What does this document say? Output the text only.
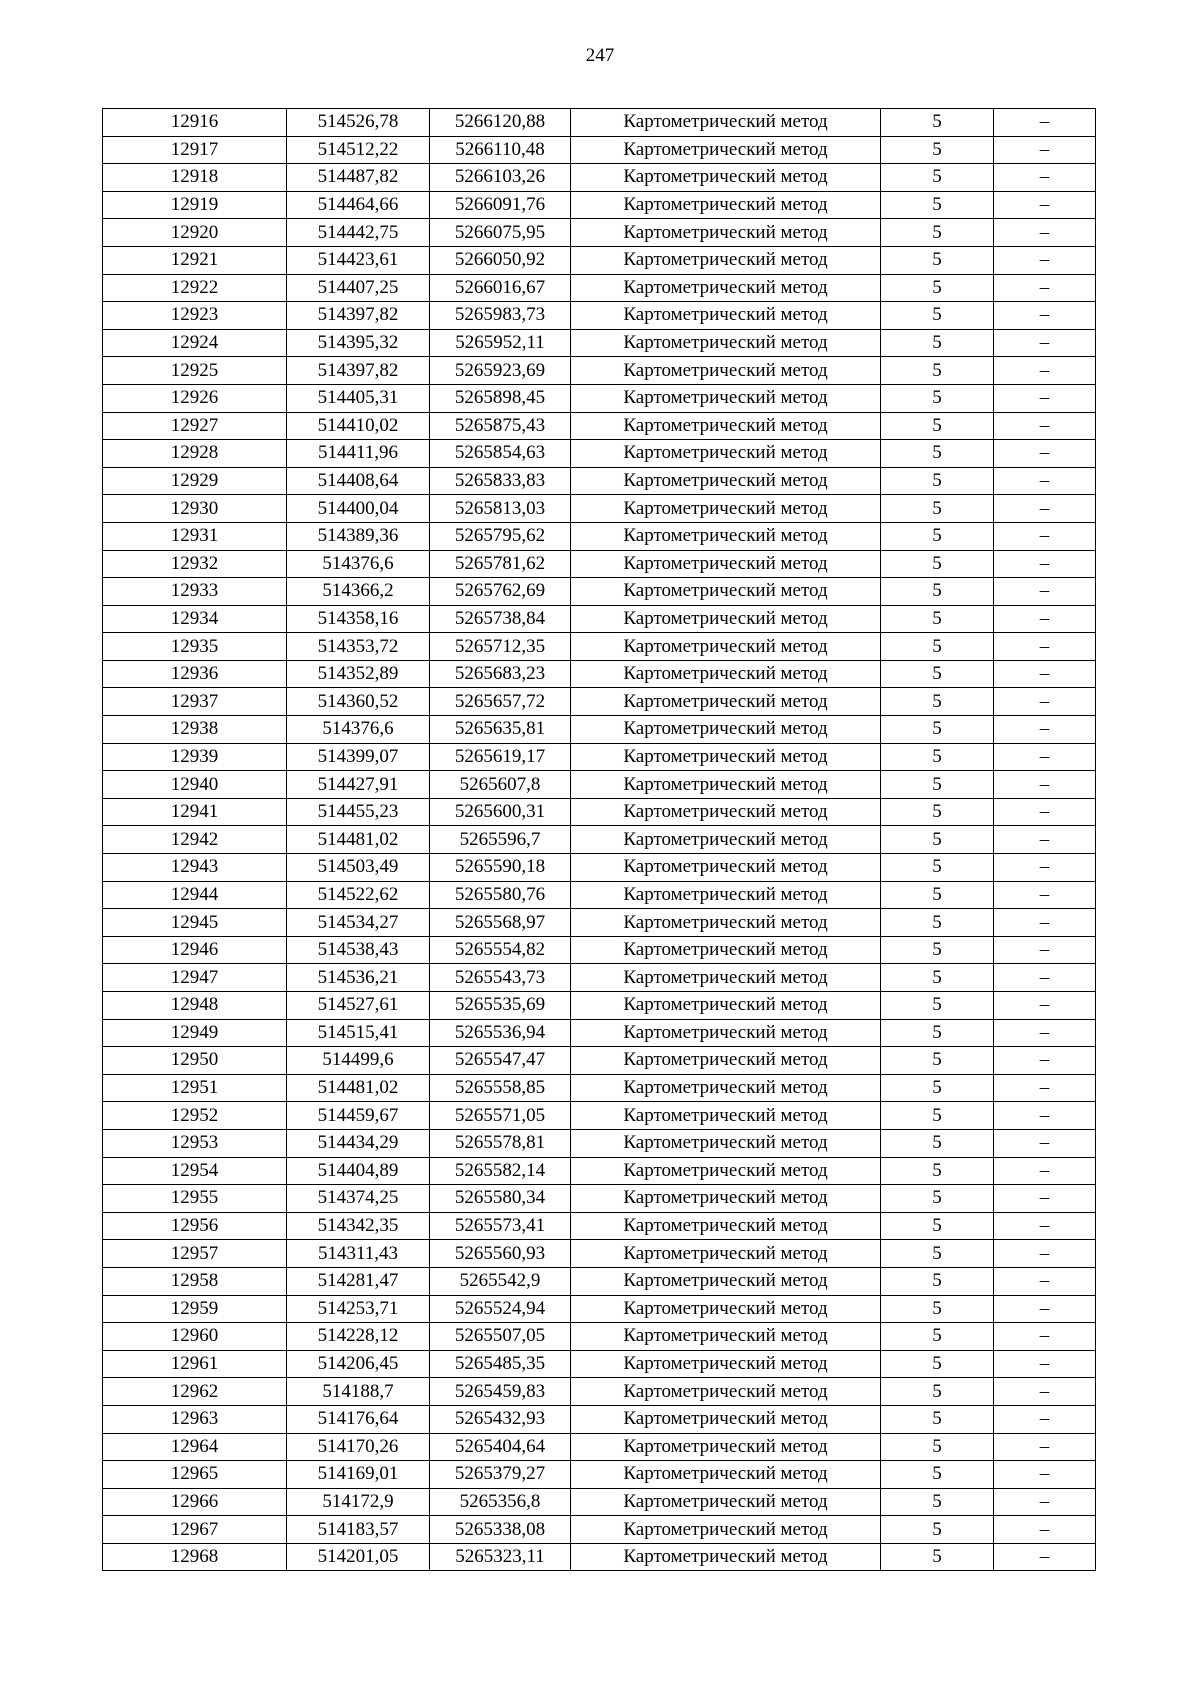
247
12916	514526,78	5266120,88	Картометрический метод	5	–
12917	514512,22	5266110,48	Картометрический метод	5	–
12918	514487,82	5266103,26	Картометрический метод	5	–
12919	514464,66	5266091,76	Картометрический метод	5	–
12920	514442,75	5266075,95	Картометрический метод	5	–
12921	514423,61	5266050,92	Картометрический метод	5	–
12922	514407,25	5266016,67	Картометрический метод	5	–
12923	514397,82	5265983,73	Картометрический метод	5	–
12924	514395,32	5265952,11	Картометрический метод	5	–
12925	514397,82	5265923,69	Картометрический метод	5	–
12926	514405,31	5265898,45	Картометрический метод	5	–
12927	514410,02	5265875,43	Картометрический метод	5	–
12928	514411,96	5265854,63	Картометрический метод	5	–
12929	514408,64	5265833,83	Картометрический метод	5	–
12930	514400,04	5265813,03	Картометрический метод	5	–
12931	514389,36	5265795,62	Картометрический метод	5	–
12932	514376,6	5265781,62	Картометрический метод	5	–
12933	514366,2	5265762,69	Картометрический метод	5	–
12934	514358,16	5265738,84	Картометрический метод	5	–
12935	514353,72	5265712,35	Картометрический метод	5	–
12936	514352,89	5265683,23	Картометрический метод	5	–
12937	514360,52	5265657,72	Картометрический метод	5	–
12938	514376,6	5265635,81	Картометрический метод	5	–
12939	514399,07	5265619,17	Картометрический метод	5	–
12940	514427,91	5265607,8	Картометрический метод	5	–
12941	514455,23	5265600,31	Картометрический метод	5	–
12942	514481,02	5265596,7	Картометрический метод	5	–
12943	514503,49	5265590,18	Картометрический метод	5	–
12944	514522,62	5265580,76	Картометрический метод	5	–
12945	514534,27	5265568,97	Картометрический метод	5	–
12946	514538,43	5265554,82	Картометрический метод	5	–
12947	514536,21	5265543,73	Картометрический метод	5	–
12948	514527,61	5265535,69	Картометрический метод	5	–
12949	514515,41	5265536,94	Картометрический метод	5	–
12950	514499,6	5265547,47	Картометрический метод	5	–
12951	514481,02	5265558,85	Картометрический метод	5	–
12952	514459,67	5265571,05	Картометрический метод	5	–
12953	514434,29	5265578,81	Картометрический метод	5	–
12954	514404,89	5265582,14	Картометрический метод	5	–
12955	514374,25	5265580,34	Картометрический метод	5	–
12956	514342,35	5265573,41	Картометрический метод	5	–
12957	514311,43	5265560,93	Картометрический метод	5	–
12958	514281,47	5265542,9	Картометрический метод	5	–
12959	514253,71	5265524,94	Картометрический метод	5	–
12960	514228,12	5265507,05	Картометрический метод	5	–
12961	514206,45	5265485,35	Картометрический метод	5	–
12962	514188,7	5265459,83	Картометрический метод	5	–
12963	514176,64	5265432,93	Картометрический метод	5	–
12964	514170,26	5265404,64	Картометрический метод	5	–
12965	514169,01	5265379,27	Картометрический метод	5	–
12966	514172,9	5265356,8	Картометрический метод	5	–
12967	514183,57	5265338,08	Картометрический метод	5	–
12968	514201,05	5265323,11	Картометрический метод	5	–
